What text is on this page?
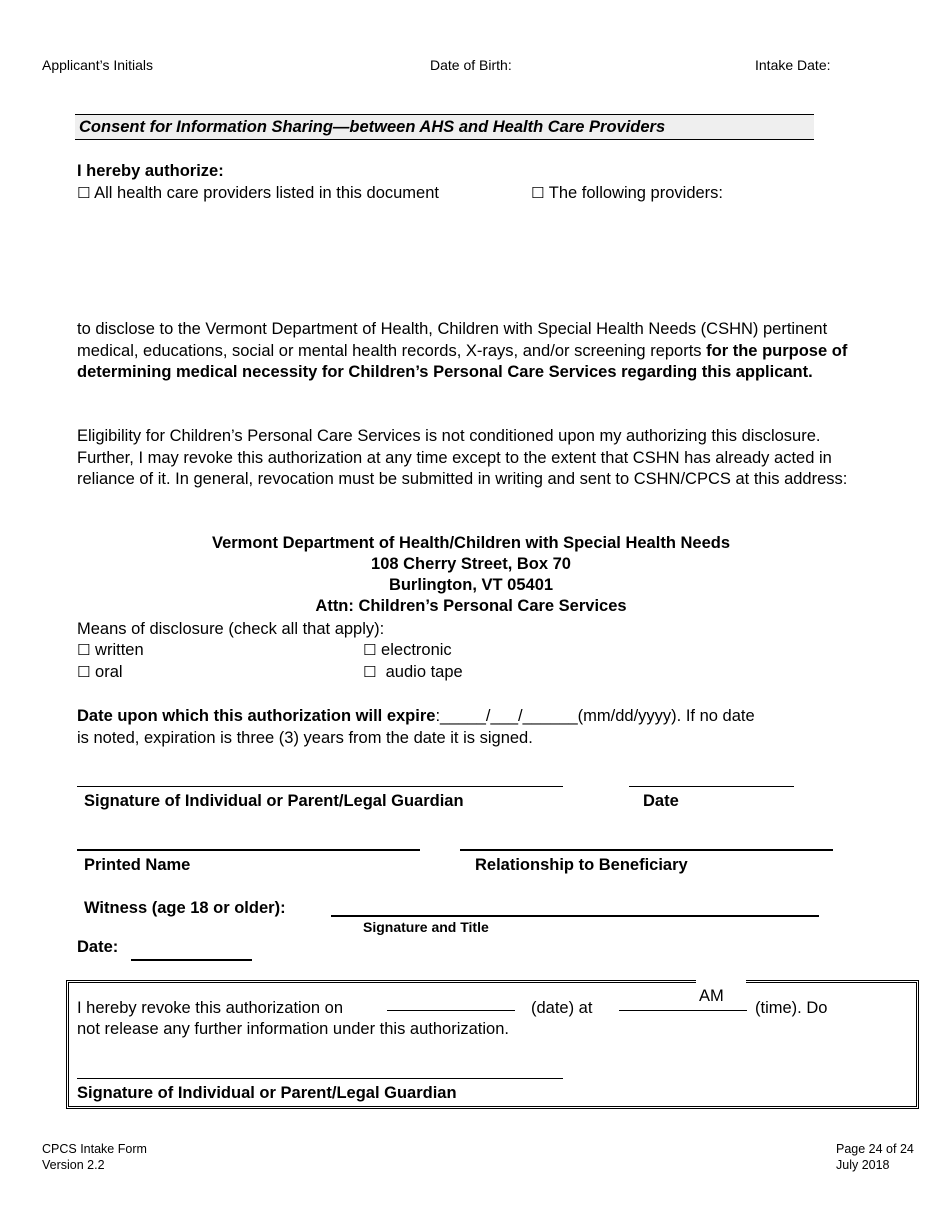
Applicant’s Initials	Date of Birth:	Intake Date:
Consent for Information Sharing—between AHS and Health Care Providers
I hereby authorize:
☐ All health care providers listed in this document	☐ The following providers:
to disclose to the Vermont Department of Health, Children with Special Health Needs (CSHN) pertinent medical, educations, social or mental health records, X-rays, and/or screening reports for the purpose of determining medical necessity for Children’s Personal Care Services regarding this applicant.
Eligibility for Children’s Personal Care Services is not conditioned upon my authorizing this disclosure. Further, I may revoke this authorization at any time except to the extent that CSHN has already acted in reliance of it. In general, revocation must be submitted in writing and sent to CSHN/CPCS at this address:
Vermont Department of Health/Children with Special Health Needs
108 Cherry Street, Box 70
Burlington, VT 05401
Attn: Children’s Personal Care Services
Means of disclosure (check all that apply):
☐ written	☐ electronic
☐ oral	☐  audio tape
Date upon which this authorization will expire:_____/___/______(mm/dd/yyyy). If no date
is noted, expiration is three (3) years from the date it is signed.
Signature of Individual or Parent/Legal Guardian	Date
Printed Name	Relationship to Beneficiary
Witness (age 18 or older):
Signature and Title
Date:
I hereby revoke this authorization on	(date) at
AM
(time). Do
not release any further information under this authorization.
Signature of Individual or Parent/Legal Guardian
CPCS Intake Form
Version 2.2
Page 24 of 24
July 2018
